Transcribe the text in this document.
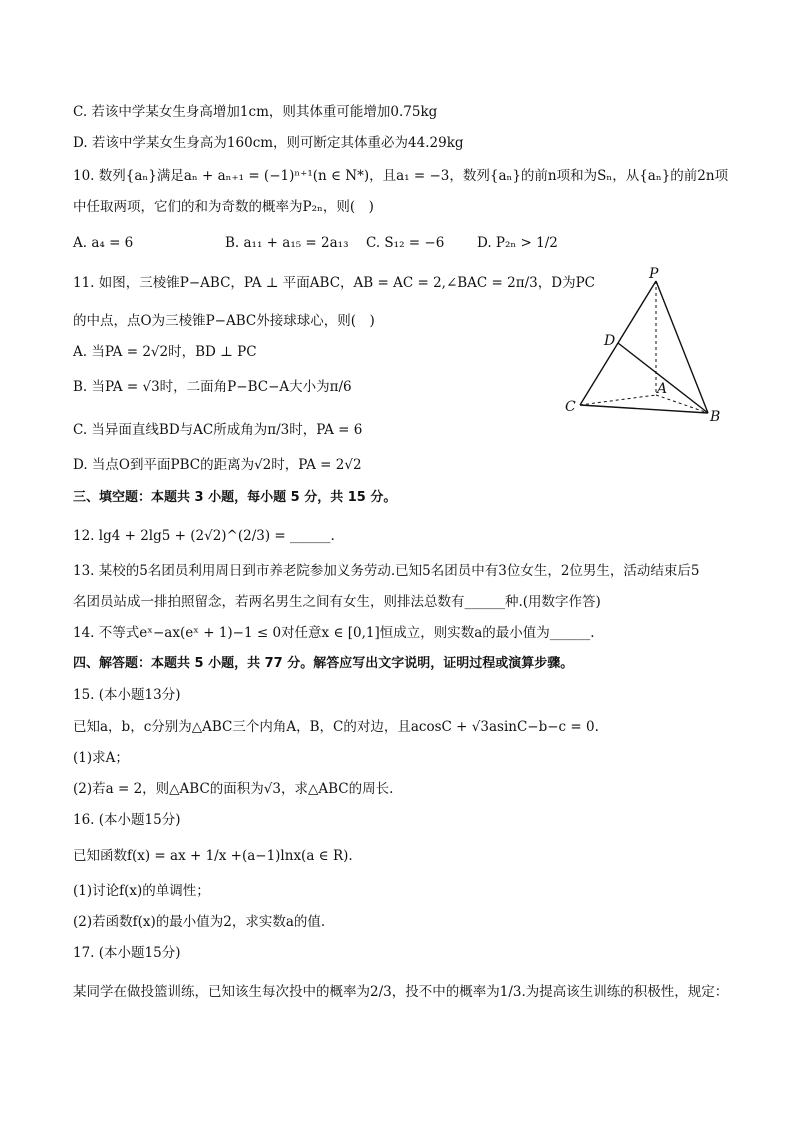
C. 若该中学某女生身高增加1cm，则其体重可能增加0.75kg
D. 若该中学某女生身高为160cm，则可断定其体重必为44.29kg
10. 数列{aₙ}满足aₙ + aₙ₊₁ = (−1)ⁿ⁺¹(n ∈ N*)，且a₁ = −3，数列{aₙ}的前n项和为Sₙ，从{aₙ}的前2n项
中任取两项，它们的和为奇数的概率为P₂ₙ，则(　)
A. a₄ = 6	B. a₁₁ + a₁₅ = 2a₁₃ C. S₁₂ = −6 D. P₂ₙ > 1/2
11. 如图，三棱锥P−ABC，PA ⊥ 平面ABC，AB = AC = 2,∠BAC = 2π/3，D为PC
的中点，点O为三棱锥P−ABC外接球球心，则(　)
A. 当PA = 2√2时，BD ⊥ PC
B. 当PA = √3时，二面角P−BC−A大小为π/6
C. 当异面直线BD与AC所成角为π/3时，PA = 6
D. 当点O到平面PBC的距离为√2时，PA = 2√2
P
D
A
C
B
三、填空题：本题共 3 小题，每小题 5 分，共 15 分。
12. lg4 + 2lg5 + (2√2)^(2/3) = ______.
13. 某校的5名团员利用周日到市养老院参加义务劳动.已知5名团员中有3位女生，2位男生，活动结束后5
名团员站成一排拍照留念，若两名男生之间有女生，则排法总数有______种.(用数字作答)
14. 不等式eˣ−ax(eˣ + 1)−1 ≤ 0对任意x ∈ [0,1]恒成立，则实数a的最小值为______.
四、解答题：本题共 5 小题，共 77 分。解答应写出文字说明，证明过程或演算步骤。
15. (本小题13分)
已知a，b，c分别为△ABC三个内角A，B，C的对边，且acosC + √3asinC−b−c = 0.
(1)求A；
(2)若a = 2，则△ABC的面积为√3，求△ABC的周长.
16. (本小题15分)
已知函数f(x) = ax + 1/x +(a−1)lnx(a ∈ R).
(1)讨论f(x)的单调性；
(2)若函数f(x)的最小值为2，求实数a的值.
17. (本小题15分)
某同学在做投篮训练，已知该生每次投中的概率为2/3，投不中的概率为1/3.为提高该生训练的积极性，规定：
